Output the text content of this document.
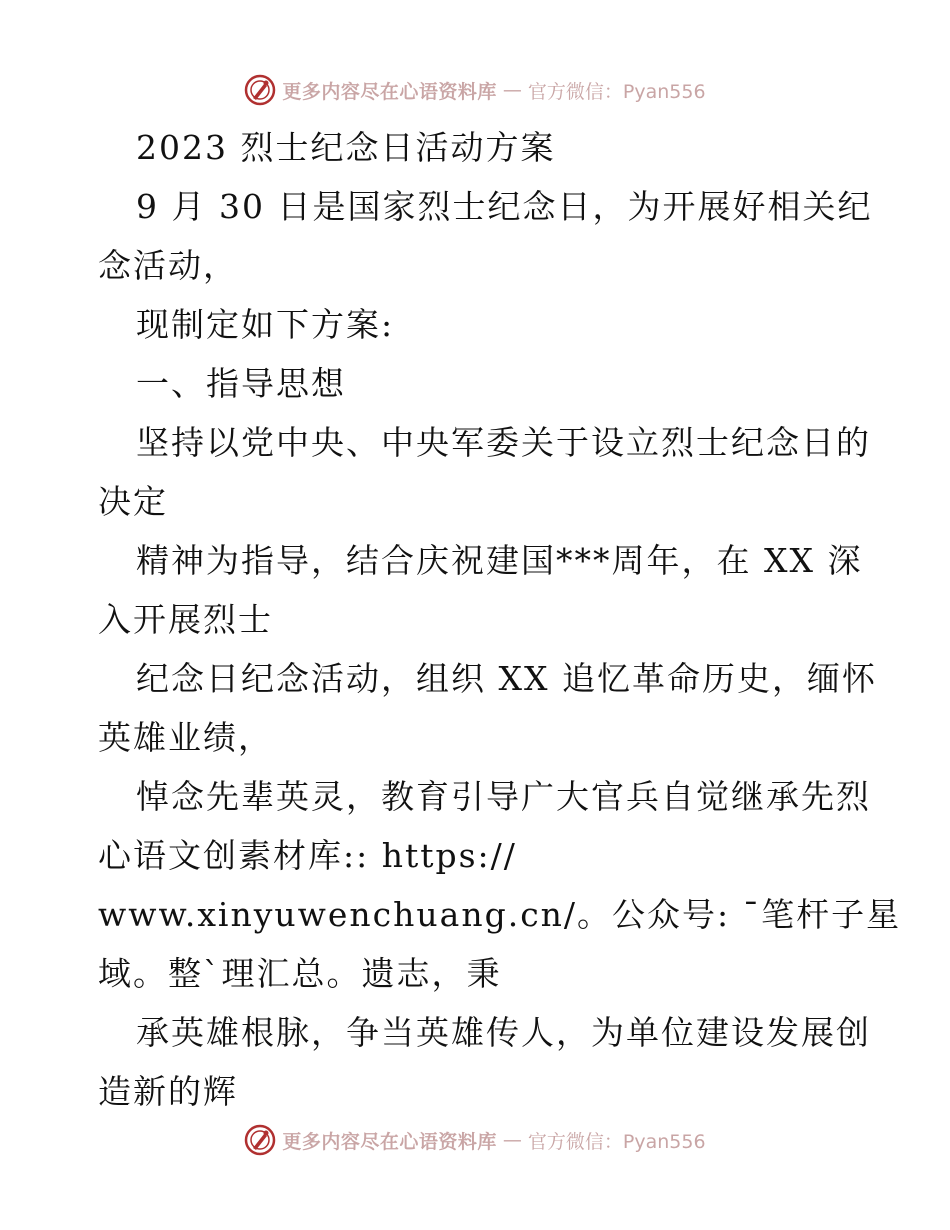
更多内容尽在心语资料库 — 官方微信：Pyan556
2023 烈士纪念日活动方案
9 月 30 日是国家烈士纪念日，为开展好相关纪
念活动，
现制定如下方案:
一、指导思想
坚持以党中央、中央军委关于设立烈士纪念日的
决定
精神为指导，结合庆祝建国***周年，在 XX 深
入开展烈士
纪念日纪念活动，组织 XX 追忆革命历史，缅怀
英雄业绩，
悼念先辈英灵，教育引导广大官兵自觉继承先烈
心语文创素材库:: https://
www.xinyuwenchuang.cn/。公众号: ¯笔杆子星
域。整`理汇总。遗志，秉
承英雄根脉，争当英雄传人，为单位建设发展创
造新的辉
更多内容尽在心语资料库 — 官方微信：Pyan556
